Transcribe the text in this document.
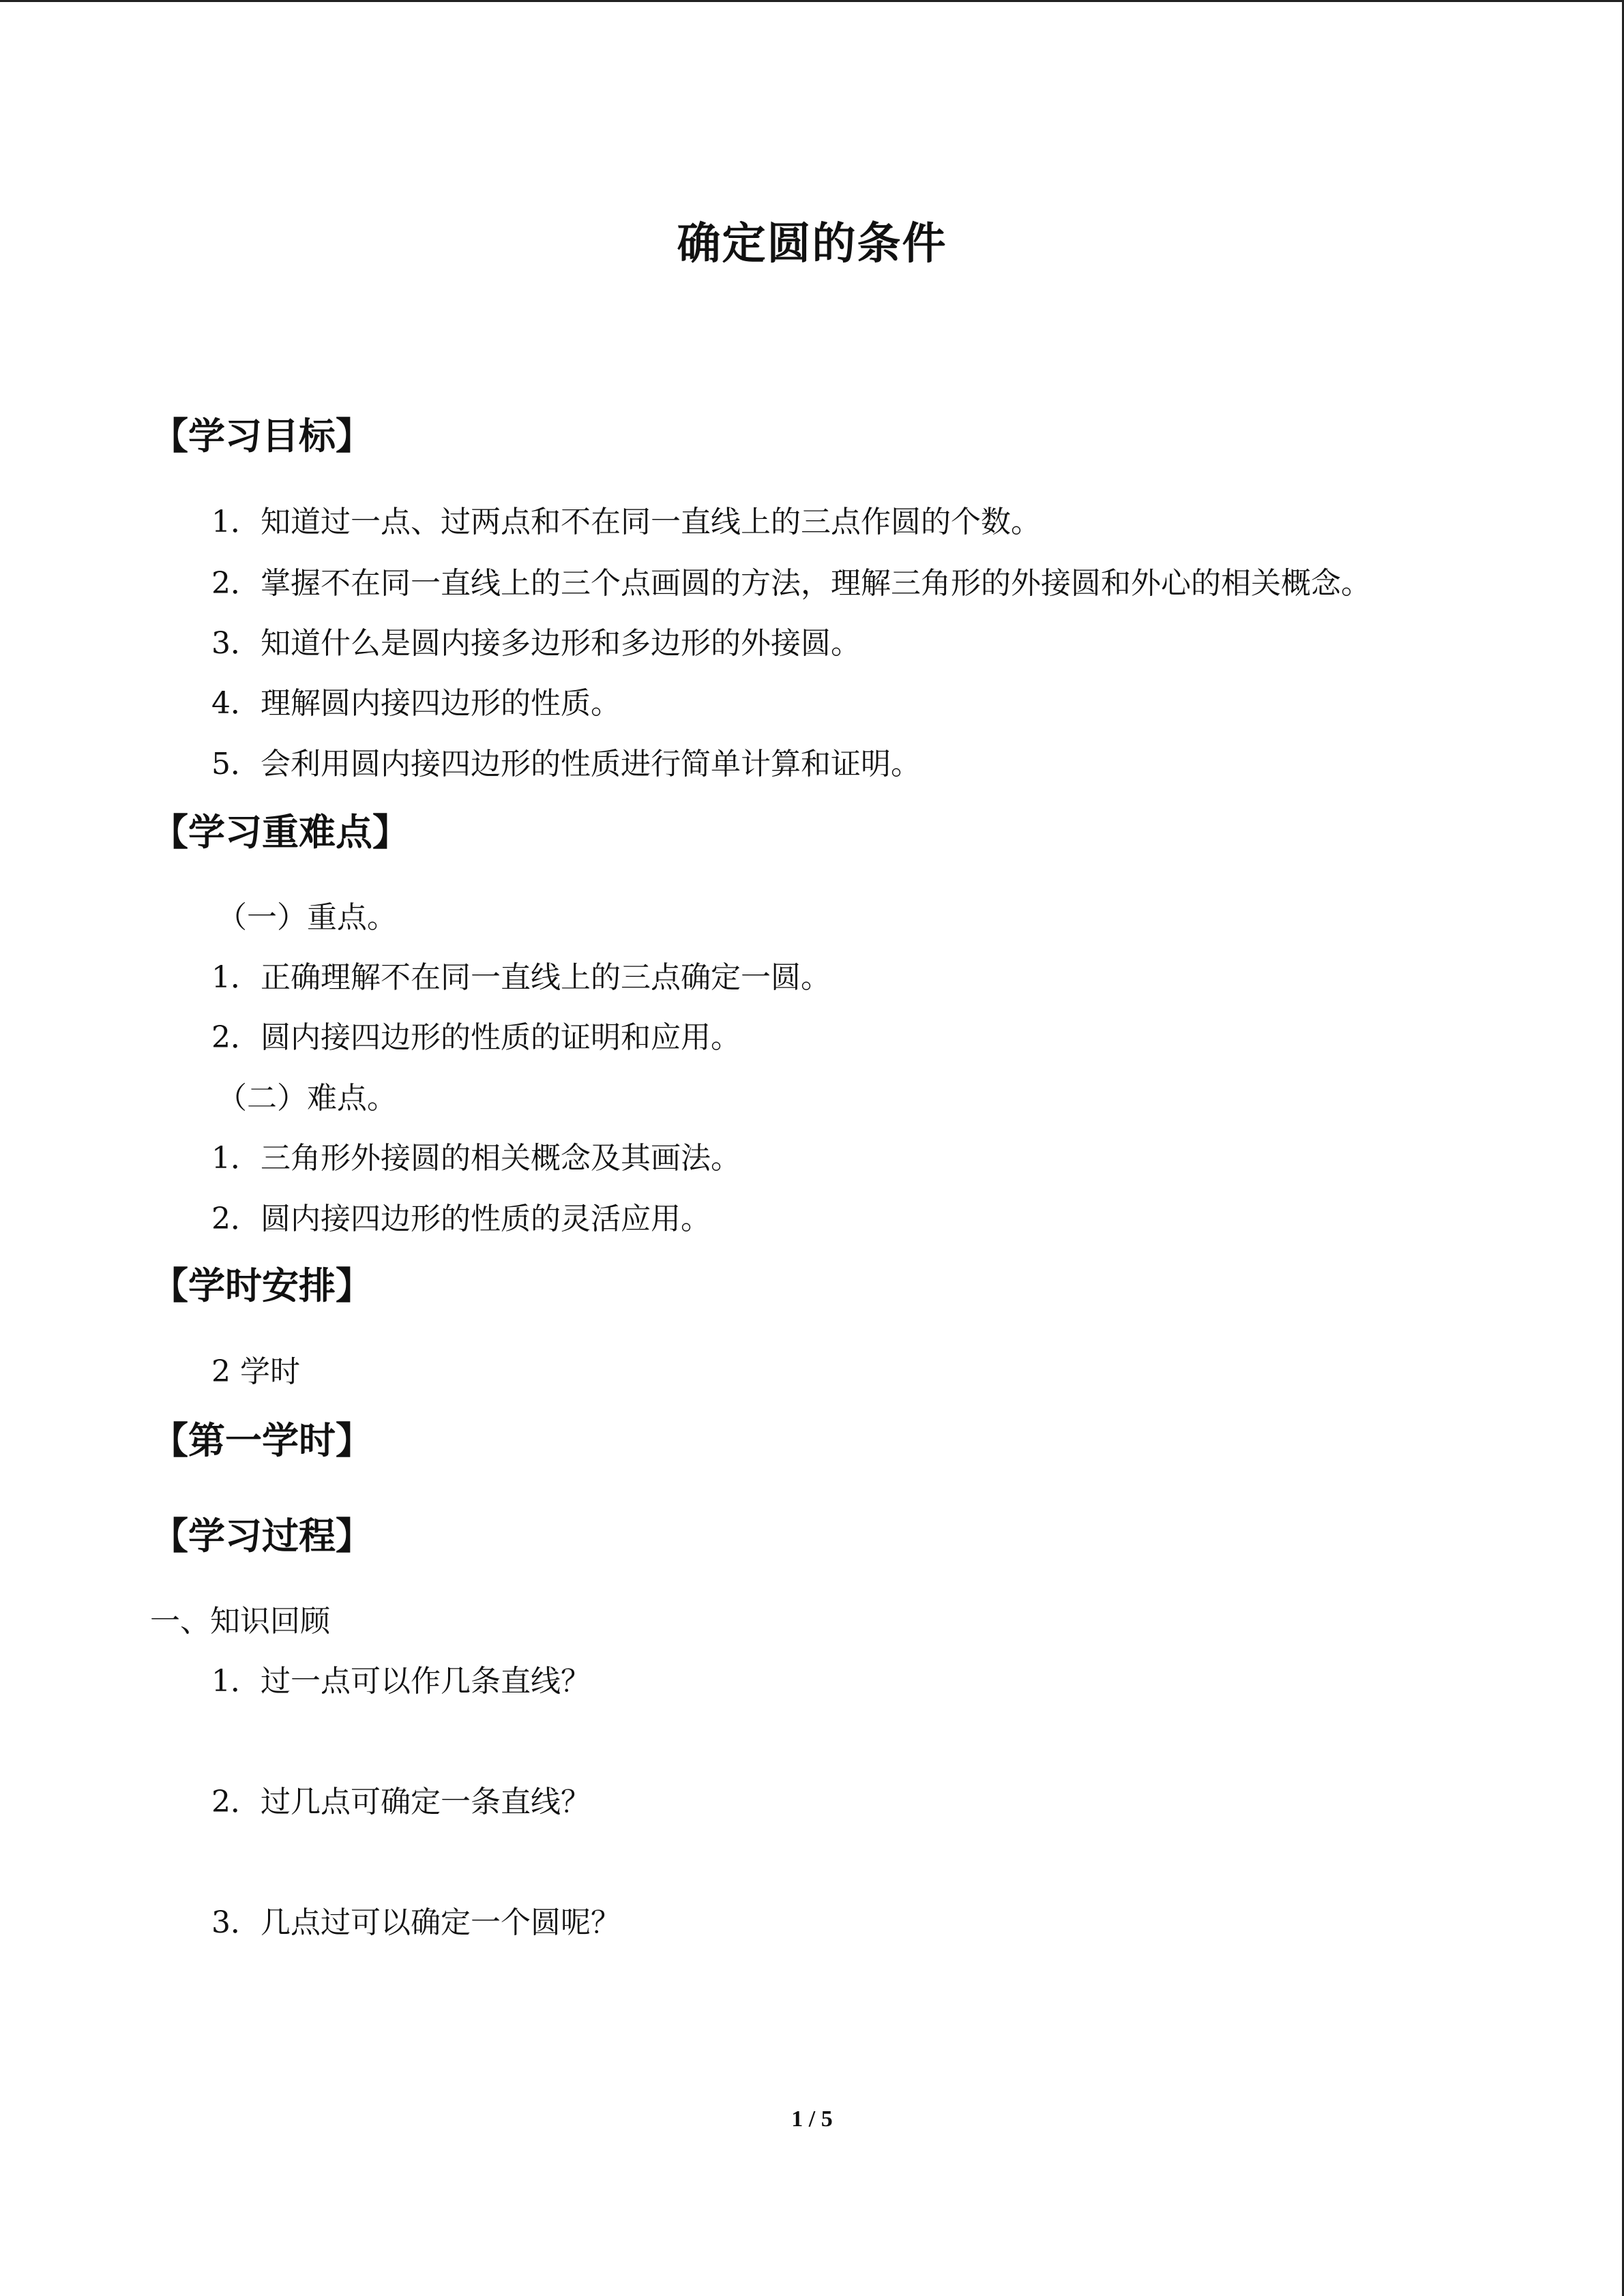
确定圆的条件
【学习目标】
1．知道过一点、过两点和不在同一直线上的三点作圆的个数。
2．掌握不在同一直线上的三个点画圆的方法，理解三角形的外接圆和外心的相关概念。
3．知道什么是圆内接多边形和多边形的外接圆。
4．理解圆内接四边形的性质。
5．会利用圆内接四边形的性质进行简单计算和证明。
【学习重难点】
（一）重点。
1．正确理解不在同一直线上的三点确定一圆。
2．圆内接四边形的性质的证明和应用。
（二）难点。
1．三角形外接圆的相关概念及其画法。
2．圆内接四边形的性质的灵活应用。
【学时安排】
2 学时
【第一学时】
【学习过程】
一、知识回顾
1．过一点可以作几条直线？
2．过几点可确定一条直线？
3．几点过可以确定一个圆呢？
1 / 5
